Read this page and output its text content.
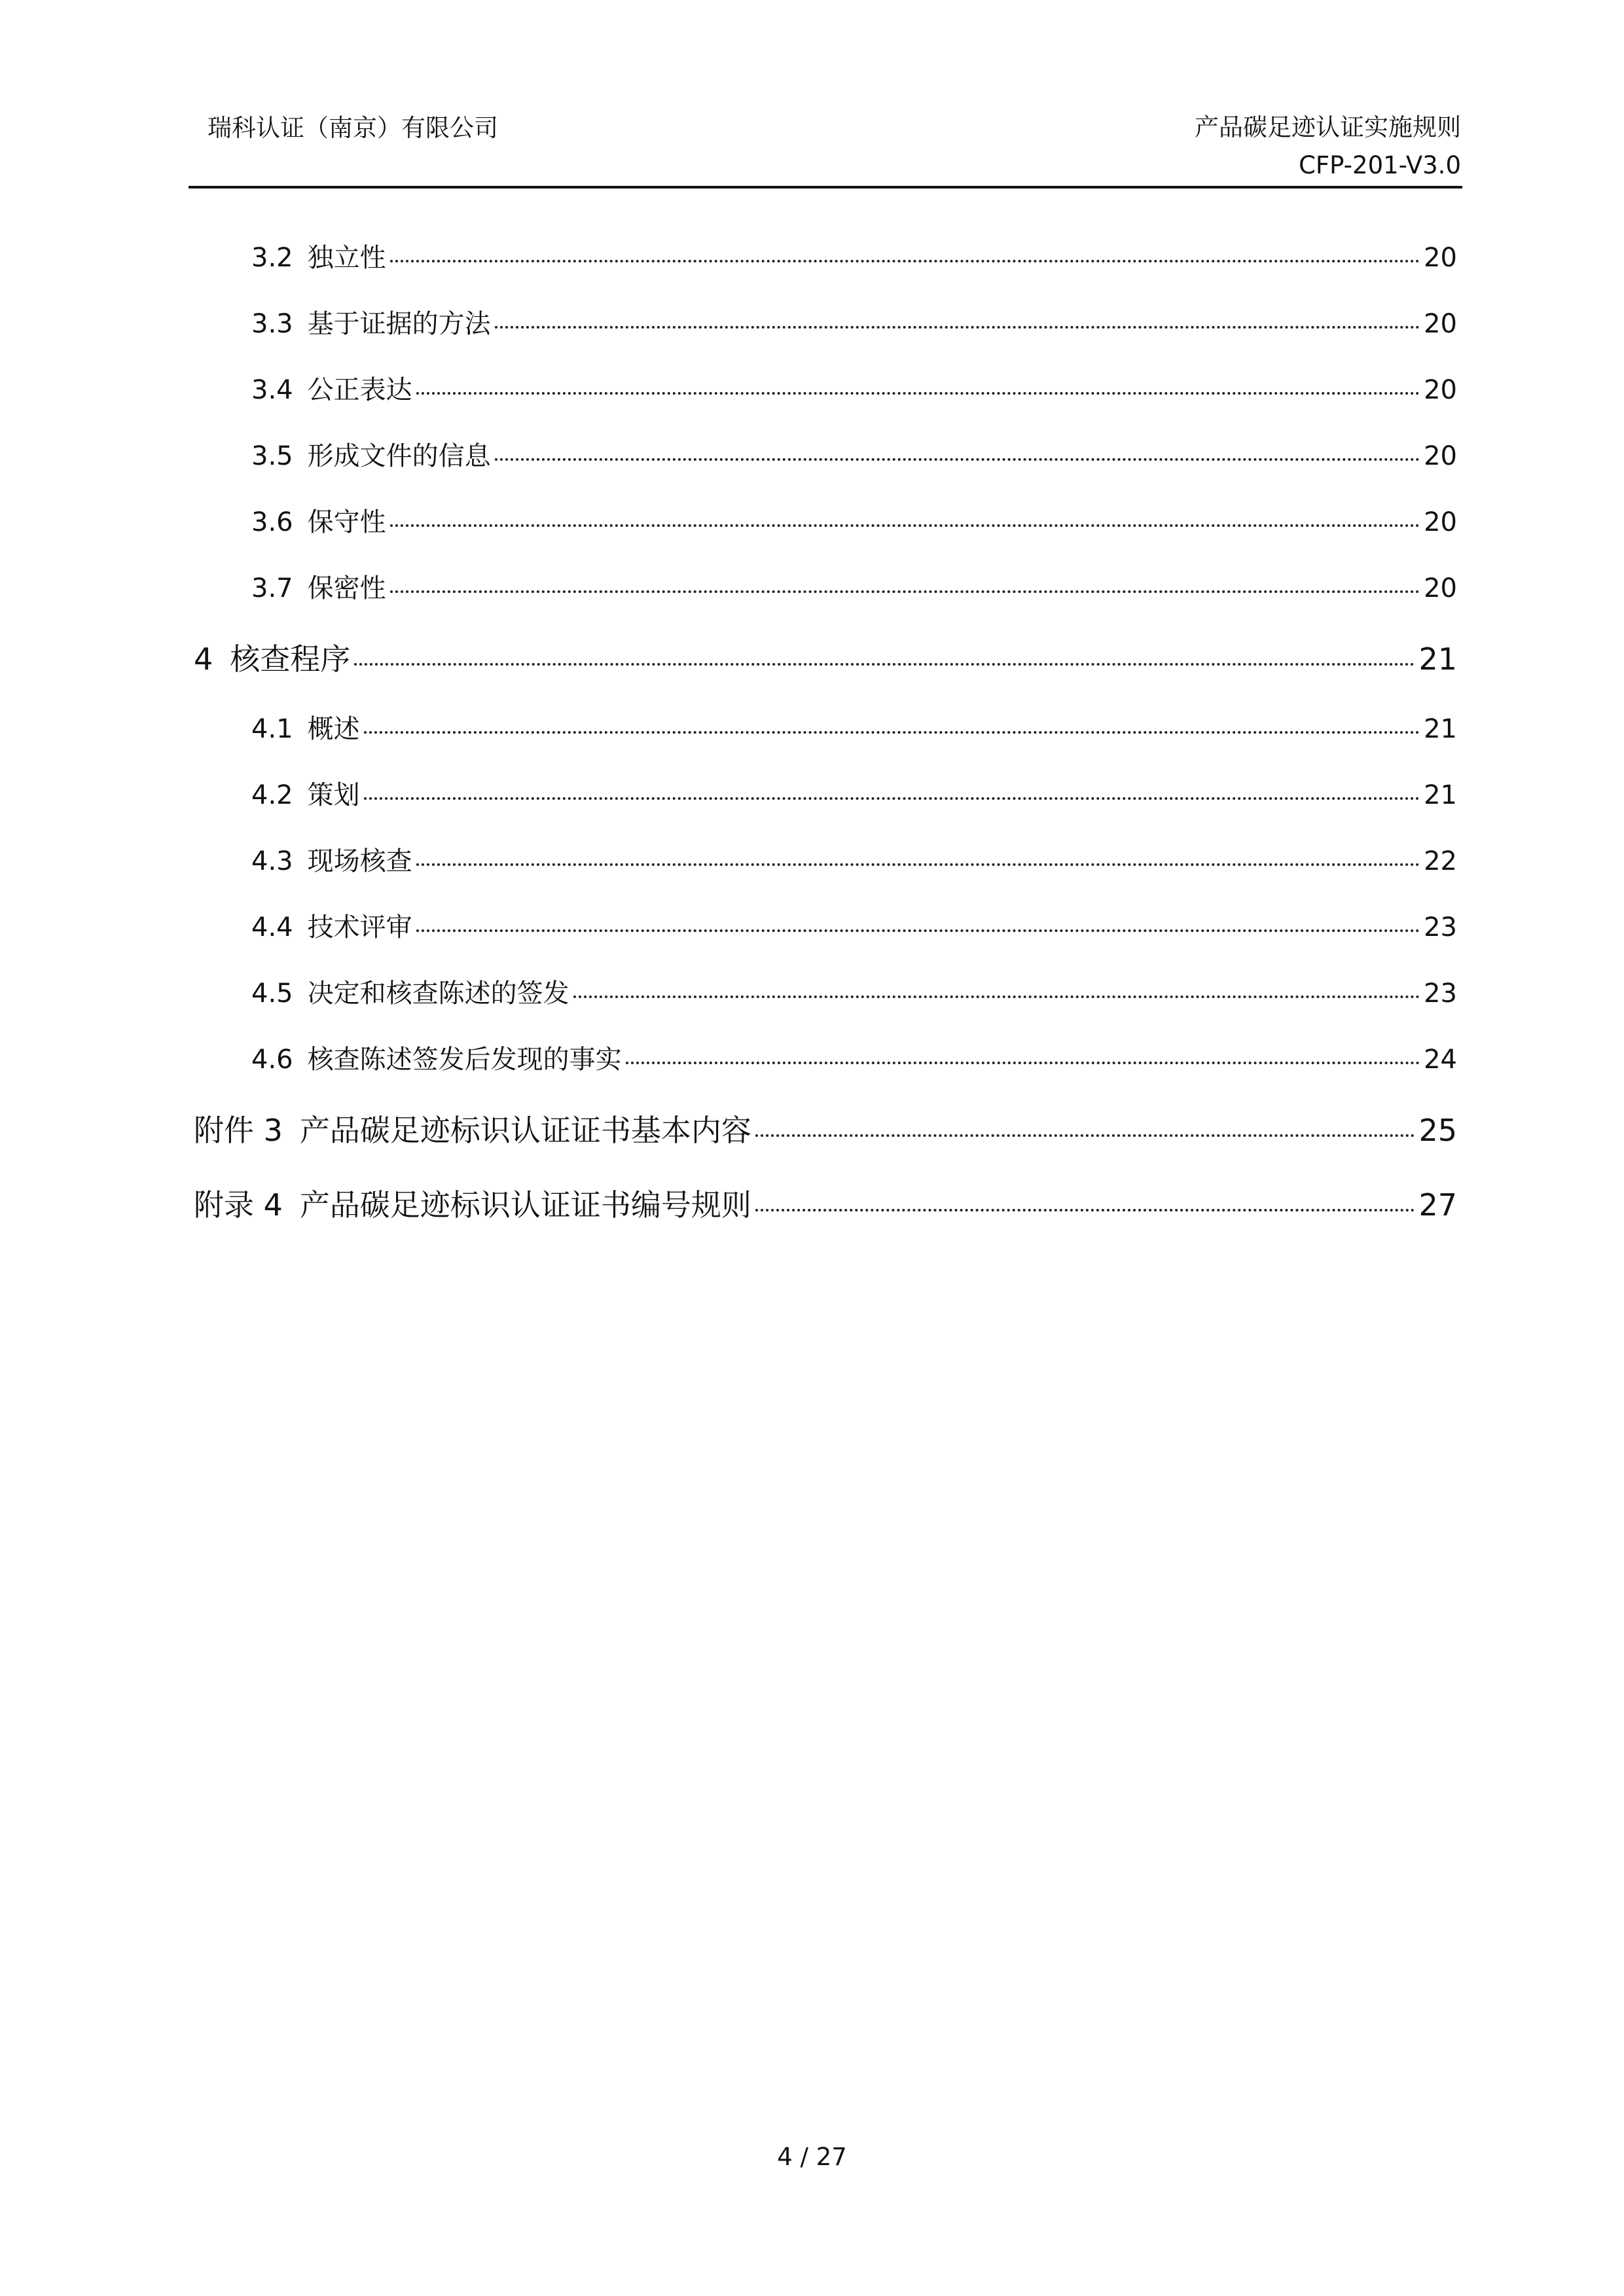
瑞科认证（南京）有限公司	产品碳足迹认证实施规则
CFP-201-V3.0
3.2 独立性	20
3.3 基于证据的方法	20
3.4 公正表达	20
3.5 形成文件的信息	20
3.6 保守性	20
3.7 保密性	20
4 核查程序	21
4.1 概述	21
4.2 策划	21
4.3 现场核查	22
4.4 技术评审	23
4.5 决定和核查陈述的签发	23
4.6 核查陈述签发后发现的事实	24
附件 3 产品碳足迹标识认证证书基本内容	25
附录 4 产品碳足迹标识认证证书编号规则	27
4 / 27
